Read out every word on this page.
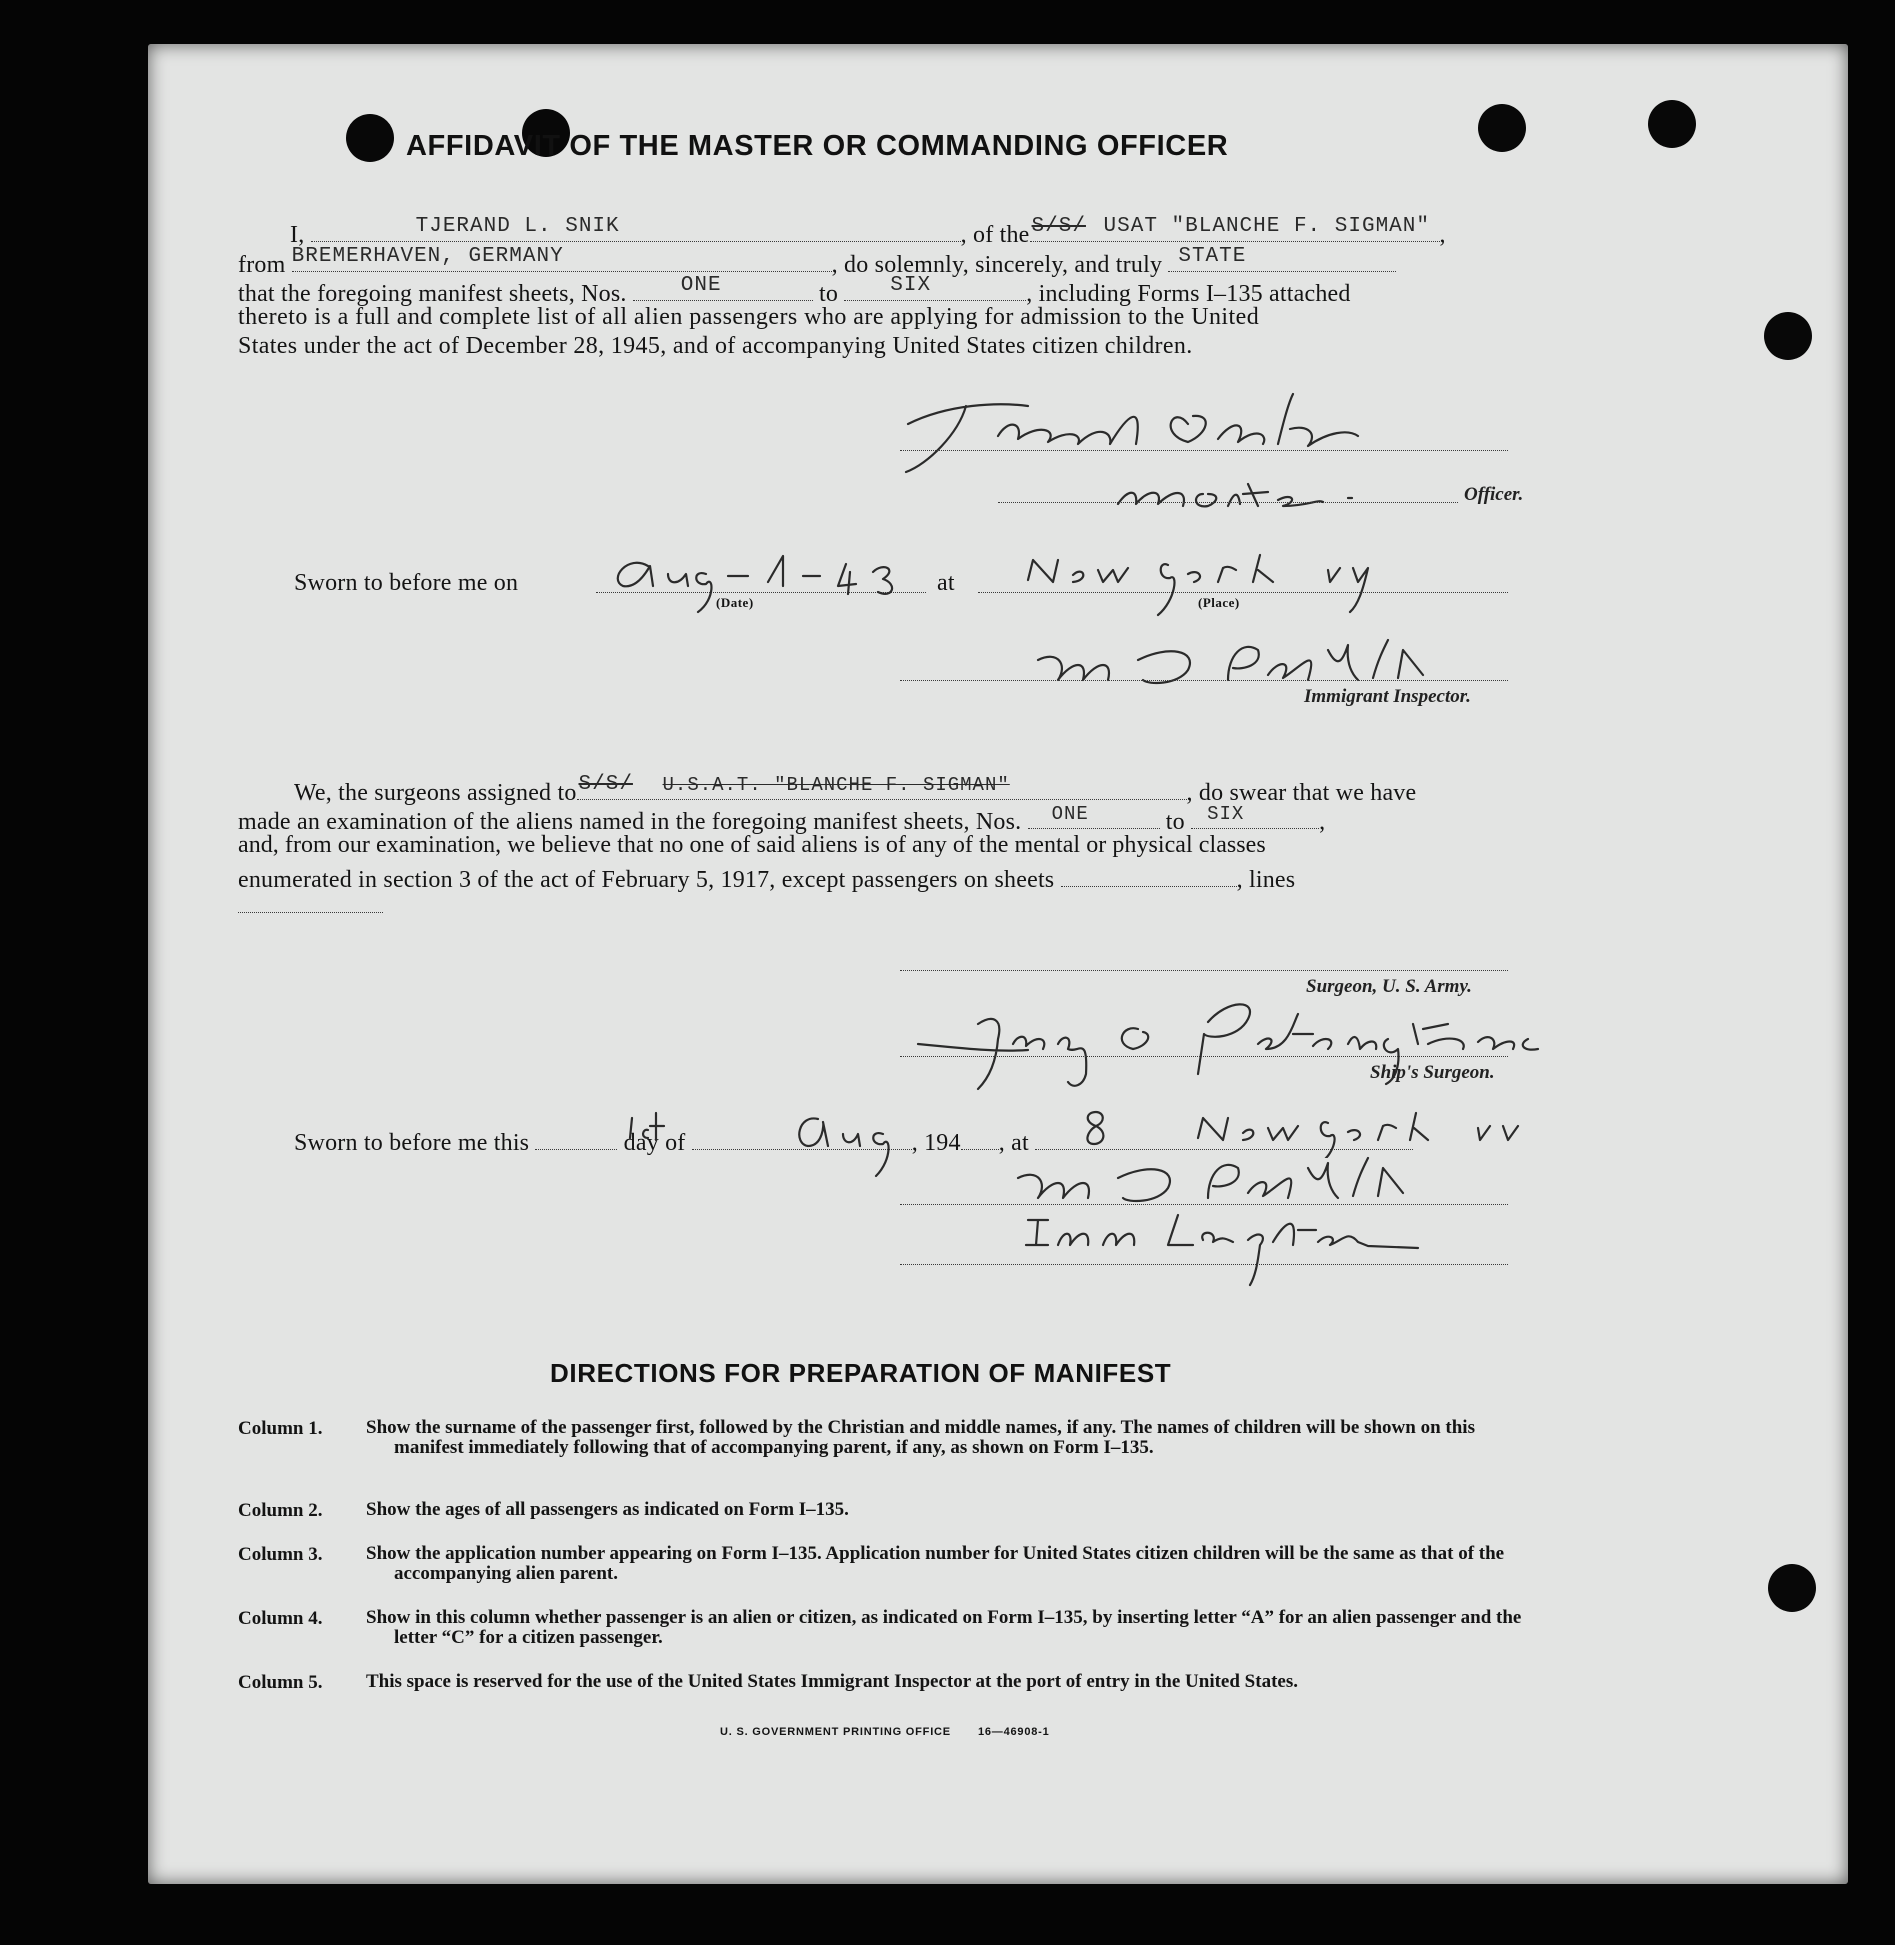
AFFIDAVIT OF THE MASTER OR COMMANDING OFFICER
I,	TJERAND L. SNIK	, of the S/S/ USAT "BLANCHE F. SIGMAN" ,
from BREMERHAVEN, GERMANY	, do solemnly, sincerely, and truly STATE
that the foregoing manifest sheets, Nos.	ONE	to SIX	, including Forms I–135 attached
thereto is a full and complete list of all alien passengers who are applying for admission to the United
States under the act of December 28, 1945, and of accompanying United States citizen children.
Officer.
Sworn to before me on
(Date)
at
(Place)
Immigrant Inspector.
We, the surgeons assigned to S/S/ U.S.A.T. "BLANCHE F. SIGMAN"	, do swear that we have
made an examination of the aliens named in the foregoing manifest sheets, Nos. ONE	to SIX	,
and, from our examination, we believe that no one of said aliens is of any of the mental or physical classes
enumerated in section 3 of the act of February 5, 1917, except passengers on sheets	, lines
Surgeon, U. S. Army.
Ship's Surgeon.
Sworn to before me this	day of	, 194 , at
DIRECTIONS FOR PREPARATION OF MANIFEST
Column 1. Show the surname of the passenger first, followed by the Christian and middle names, if any. The names of children will be shown on this manifest immediately following that of accompanying parent, if any, as shown on Form I–135.
Column 2. Show the ages of all passengers as indicated on Form I–135.
Column 3. Show the application number appearing on Form I–135. Application number for United States citizen children will be the same as that of the accompanying alien parent.
Column 4. Show in this column whether passenger is an alien or citizen, as indicated on Form I–135, by inserting letter “A” for an alien passenger and the letter “C” for a citizen passenger.
Column 5. This space is reserved for the use of the United States Immigrant Inspector at the port of entry in the United States.
U. S. GOVERNMENT PRINTING OFFICE 16—46908-1
